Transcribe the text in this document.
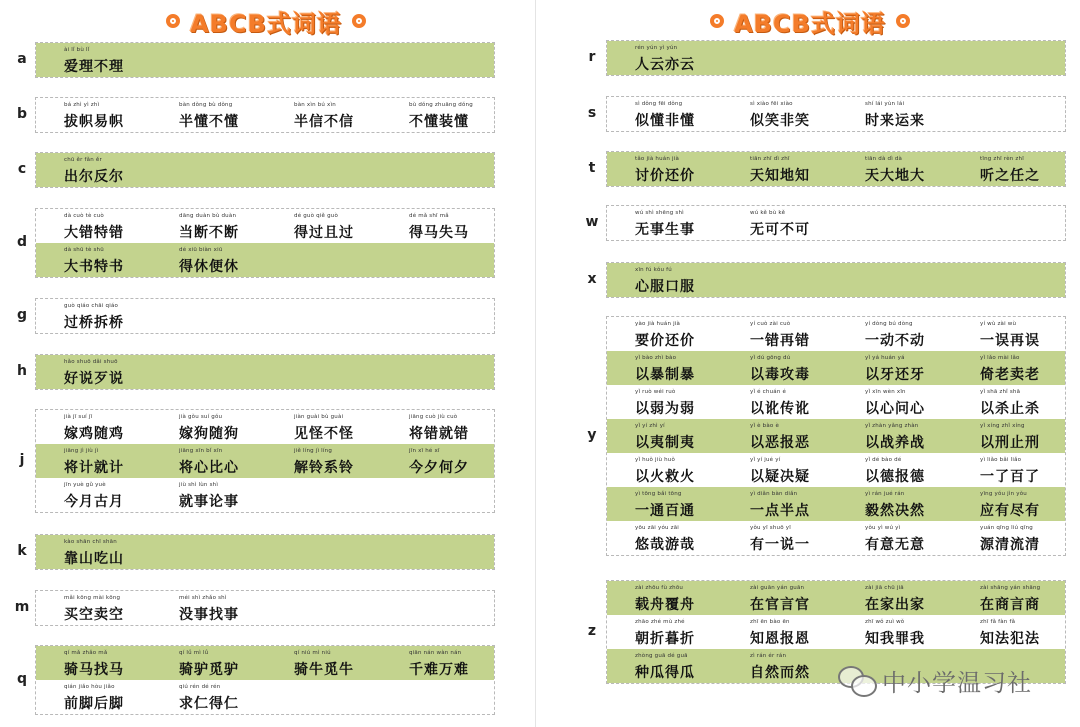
ABCB式词语
a
ài lǐ bù lǐ
爱理不理
b
bá zhì yì zhì
拔帜易帜
bàn dǒng bù dǒng
半懂不懂
bàn xìn bú xìn
半信不信
bù dǒng zhuāng dǒng
不懂装懂
c
chū ěr fǎn ěr
出尔反尔
d
dà cuò tè cuò
大错特错
dāng duàn bù duàn
当断不断
dé guò qiě guò
得过且过
dé mǎ shī mǎ
得马失马
dà shū tè shū
大书特书
dé xiū biàn xiū
得休便休
g
guò qiáo chāi qiáo
过桥拆桥
h
hǎo shuō dǎi shuō
好说歹说
j
jià jī suí jī
嫁鸡随鸡
jià gǒu suí gǒu
嫁狗随狗
jiàn guài bù guài
见怪不怪
jiāng cuò jiù cuò
将错就错
jiāng jì jiù jì
将计就计
jiāng xīn bǐ xīn
将心比心
jiě líng jì líng
解铃系铃
jīn xī hé xī
今夕何夕
jīn yuè gǔ yuè
今月古月
jiù shì lùn shì
就事论事
k
kào shān chī shān
靠山吃山
m
mǎi kōng mài kōng
买空卖空
méi shì zhǎo shì
没事找事
q
qí mǎ zhǎo mǎ
骑马找马
qí lǘ mì lǘ
骑驴觅驴
qí niú mì niú
骑牛觅牛
qiān nán wàn nán
千难万难
qián jiǎo hòu jiǎo
前脚后脚
qiú rén dé rén
求仁得仁
ABCB式词语
r
rén yún yì yún
人云亦云
s
sì dǒng fēi dǒng
似懂非懂
sì xiào fēi xiào
似笑非笑
shí lái yùn lái
时来运来
t
tǎo jià huán jià
讨价还价
tiān zhī dì zhī
天知地知
tiān dà dì dà
天大地大
tīng zhī rèn zhī
听之任之
w
wú shì shēng shì
无事生事
wú kě bù kě
无可不可
x
xīn fú kǒu fú
心服口服
y
yào jià huán jià
要价还价
yí cuò zài cuò
一错再错
yí dòng bú dòng
一动不动
yí wù zài wù
一误再误
yǐ bào zhì bào
以暴制暴
yǐ dú gōng dú
以毒攻毒
yǐ yá huán yá
以牙还牙
yǐ lǎo mài lǎo
倚老卖老
yǐ ruò wéi ruò
以弱为弱
yǐ é chuán é
以讹传讹
yǐ xīn wèn xīn
以心问心
yǐ shā zhǐ shā
以杀止杀
yǐ yí zhì yí
以夷制夷
yǐ è bào è
以恶报恶
yǐ zhàn yǎng zhàn
以战养战
yǐ xíng zhǐ xíng
以刑止刑
yǐ huǒ jiù huǒ
以火救火
yǐ yí jué yí
以疑决疑
yǐ dé bào dé
以德报德
yì liǎo bǎi liǎo
一了百了
yì tōng bǎi tōng
一通百通
yì diǎn bàn diǎn
一点半点
yì rán jué rán
毅然决然
yīng yǒu jìn yǒu
应有尽有
yōu zāi yóu zāi
悠哉游哉
yǒu yī shuō yī
有一说一
yǒu yì wú yì
有意无意
yuán qīng liú qīng
源清流清
z
zài zhōu fù zhōu
载舟覆舟
zài guān yán guān
在官言官
zài jiā chū jiā
在家出家
zài shāng yán shāng
在商言商
zhāo zhé mù zhé
朝折暮折
zhī ēn bào ēn
知恩报恩
zhī wǒ zuì wǒ
知我罪我
zhī fǎ fàn fǎ
知法犯法
zhòng guā dé guā
种瓜得瓜
zì rán ér rán
自然而然	中小学温习社
